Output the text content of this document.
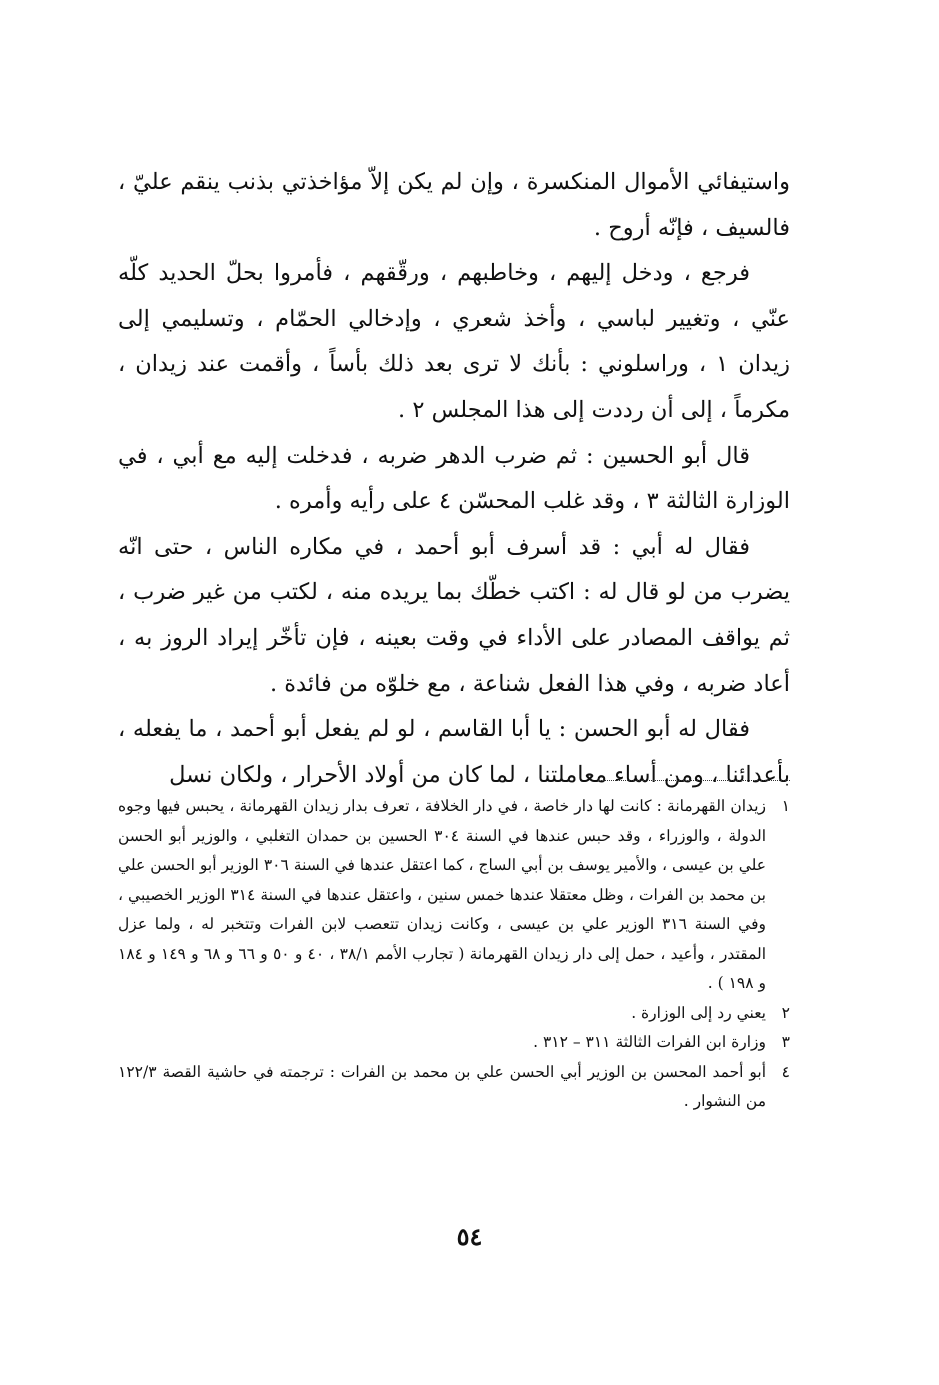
واستيفائي الأموال المنكسرة ، وإن لم يكن إلاّ مؤاخذتي بذنب ينقم عليّ ، فالسيف ، فإنّه أروح .

فرجع ، ودخل إليهم ، وخاطبهم ، ورقّقهم ، فأمروا بحلّ الحديد كلّه عنّي ، وتغيير لباسي ، وأخذ شعري ، وإدخالي الحمّام ، وتسليمي إلى زيدان ١ ، وراسلوني : بأنك لا ترى بعد ذلك بأساً ، وأقمت عند زيدان ، مكرماً ، إلى أن رددت إلى هذا المجلس ٢ .

قال أبو الحسين : ثم ضرب الدهر ضربه ، فدخلت إليه مع أبي ، في الوزارة الثالثة ٣ ، وقد غلب المحسّن ٤ على رأيه وأمره .

فقال له أبي : قد أسرف أبو أحمد ، في مكاره الناس ، حتى انّه يضرب من لو قال له : اكتب خطّك بما يريده منه ، لكتب من غير ضرب ، ثم يواقف المصادر على الأداء في وقت بعينه ، فإن تأخّر إيراد الروز به ، أعاد ضربه ، وفي هذا الفعل شناعة ، مع خلوّه من فائدة .

فقال له أبو الحسن : يا أبا القاسم ، لو لم يفعل أبو أحمد ، ما يفعله ، بأعدائنا ، ومن أساء معاملتنا ، لما كان من أولاد الأحرار ، ولكان نسل

١
زيدان القهرمانة : كانت لها دار خاصة ، في دار الخلافة ، تعرف بدار زيدان القهرمانة ، يحبس فيها وجوه الدولة ، والوزراء ، وقد حبس عندها في السنة ٣٠٤ الحسين بن حمدان التغلبي ، والوزير أبو الحسن علي بن عيسى ، والأمير يوسف بن أبي الساج ، كما اعتقل عندها في السنة ٣٠٦ الوزير أبو الحسن علي بن محمد بن الفرات ، وظل معتقلا عندها خمس سنين ، واعتقل عندها في السنة ٣١٤ الوزير الخصيبي ، وفي السنة ٣١٦ الوزير علي بن عيسى ، وكانت زيدان تتعصب لابن الفرات وتتخبر له ، ولما عزل المقتدر ، وأعيد ، حمل إلى دار زيدان القهرمانة ( تجارب الأمم ٣٨/١ ، ٤٠ و ٥٠ و ٦٦ و ٦٨ و ١٤٩ و ١٨٤ و ١٩٨ ) .
٢
يعني رد إلى الوزارة .
٣
وزارة ابن الفرات الثالثة ٣١١ – ٣١٢ .
٤
أبو أحمد المحسن بن الوزير أبي الحسن علي بن محمد بن الفرات : ترجمته في حاشية القصة ١٢٢/٣ من النشوار .
٥٤
